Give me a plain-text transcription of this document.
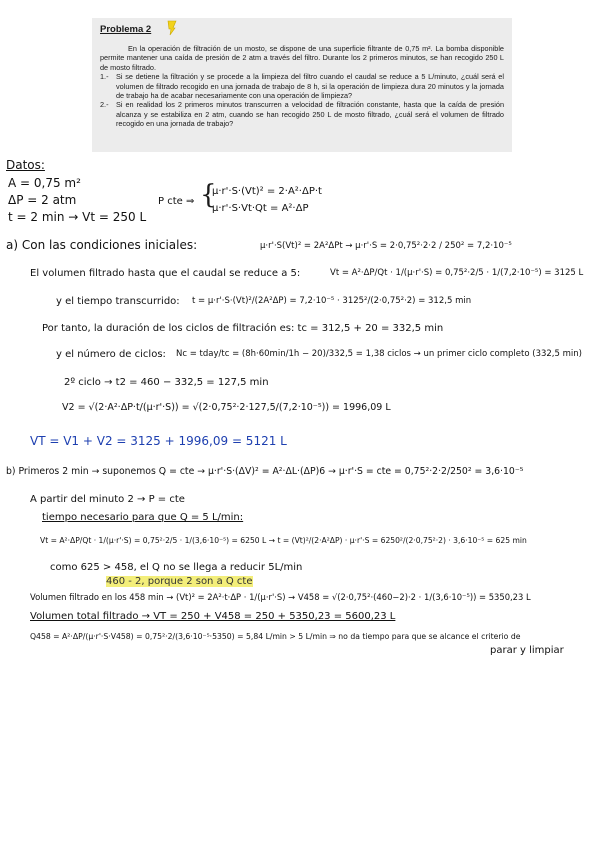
Problema 2
En la operación de filtración de un mosto, se dispone de una superficie filtrante de 0,75 m². La bomba disponible permite mantener una caída de presión de 2 atm a través del filtro. Durante los 2 primeros minutos, se han recogido 250 L de mosto filtrado.
1.-	Si se detiene la filtración y se procede a la limpieza del filtro cuando el caudal se reduce a 5 L/minuto, ¿cuál será el volumen de filtrado recogido en una jornada de trabajo de 8 h, si la operación de limpieza dura 20 minutos y la jornada de trabajo ha de acabar necesariamente con una operación de limpieza?
2.-	Si en realidad los 2 primeros minutos transcurren a velocidad de filtración constante, hasta que la caída de presión alcanza y se estabiliza en 2 atm, cuando se han recogido 250 L de mosto filtrado, ¿cuál será el volumen de filtrado recogido en una jornada de trabajo?
Datos:
A = 0,75 m²
ΔP = 2 atm
t = 2 min → Vt = 250 L
P cte ⇒
μ·r'·S·(Vt)² = 2·A²·ΔP·t
μ·r'·S·Vt·Qt = A²·ΔP
{
a) Con las condiciones iniciales:	μ·r'·S(Vt)² = 2A²ΔPt → μ·r'·S = 2·0,75²·2·2 / 250² = 7,2·10⁻⁵
El volumen filtrado hasta que el caudal se reduce a 5:	Vt = A²·ΔP/Qt · 1/(μ·r'·S) = 0,75²·2/5 · 1/(7,2·10⁻⁵) = 3125 L
y el tiempo transcurrido: t = μ·r'·S·(Vt)²/(2A²ΔP) = 7,2·10⁻⁵ · 3125²/(2·0,75²·2) = 312,5 min
Por tanto, la duración de los ciclos de filtración es: tc = 312,5 + 20 = 332,5 min
y el número de ciclos: Nc = tday/tc = (8h·60min/1h − 20)/332,5 = 1,38 ciclos → un primer ciclo completo (332,5 min)
2º ciclo → t2 = 460 − 332,5 = 127,5 min
V2 = √(2·A²·ΔP·t/(μ·r'·S)) = √(2·0,75²·2·127,5/(7,2·10⁻⁵)) = 1996,09 L
VT = V1 + V2 = 3125 + 1996,09 = 5121 L
b) Primeros 2 min → suponemos Q = cte → μ·r'·S·(ΔV)² = A²·ΔL·(ΔP)6 → μ·r'·S = cte = 0,75²·2·2/250² = 3,6·10⁻⁵
A partir del minuto 2 → P = cte
tiempo necesario para que Q = 5 L/min:
Vt = A²·ΔP/Qt · 1/(μ·r'·S) = 0,75²·2/5 · 1/(3,6·10⁻⁵) = 6250 L → t = (Vt)²/(2·A²ΔP) · μ·r'·S = 6250²/(2·0,75²·2) · 3,6·10⁻⁵ = 625 min
como 625 > 458, el Q no se llega a reducir 5L/min
460 - 2, porque 2 son a Q cte
Volumen filtrado en los 458 min → (Vt)² = 2A²·t·ΔP · 1/(μ·r'·S) → V458 = √(2·0,75²·(460−2)·2 · 1/(3,6·10⁻⁵)) = 5350,23 L
Volumen total filtrado → VT = 250 + V458 = 250 + 5350,23 = 5600,23 L
Q458 = A²·ΔP/(μ·r'·S·V458) = 0,75²·2/(3,6·10⁻⁵·5350) = 5,84 L/min > 5 L/min ⇒ no da tiempo para que se alcance el criterio de
parar y limpiar
